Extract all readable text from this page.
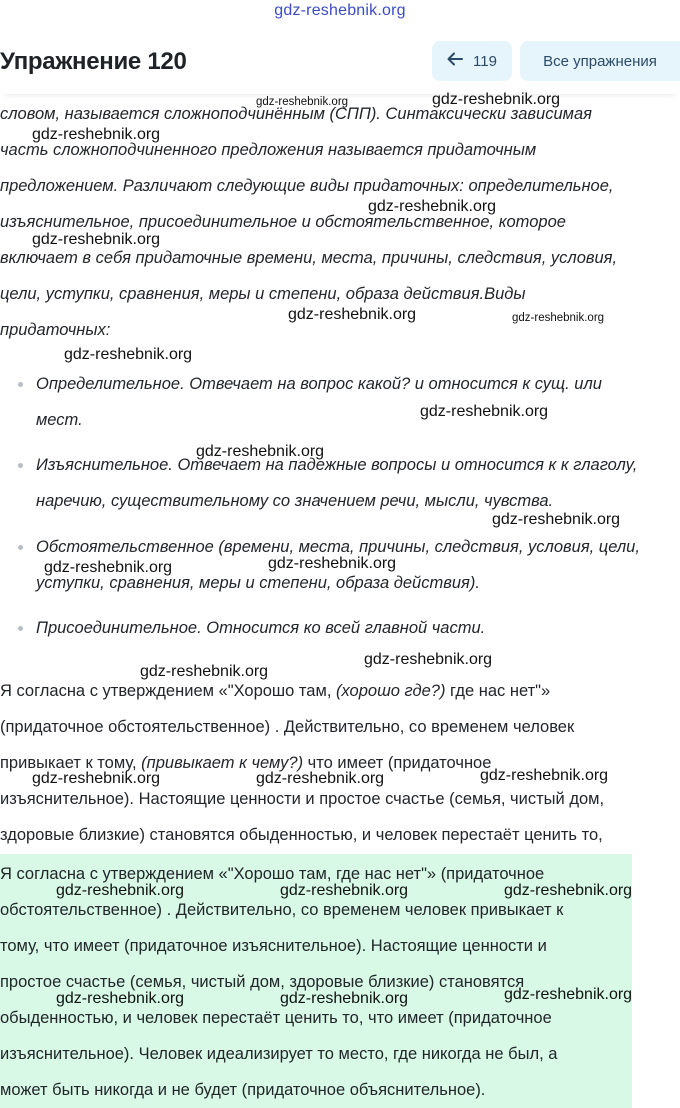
словом, называется сложноподчинённым (СПП). Синтаксически зависимая
часть сложноподчиненного предложения называется придаточным
предложением. Различают следующие виды придаточных: определительное,
изъяснительное, присоединительное и обстоятельственное, которое
включает в себя придаточные времени, места, причины, следствия, условия,
цели, уступки, сравнения, меры и степени, образа действия.Виды
придаточных:
Определительное. Отвечает на вопрос какой? и относится к сущ. или
мест.
Изъяснительное. Отвечает на падежные вопросы и относится к к глаголу,
наречию, существительному со значением речи, мысли, чувства.
Обстоятельственное (времени, места, причины, следствия, условия, цели,
уступки, сравнения, меры и степени, образа действия).
Присоединительное. Относится ко всей главной части.
Я согласна с утверждением «"Хорошо там, (хорошо где?) где нас нет"»
(придаточное обстоятельственное) . Действительно, со временем человек
привыкает к тому, (привыкает к чему?) что имеет (придаточное
изъяснительное). Настоящие ценности и простое счастье (семья, чистый дом,
здоровые близкие) становятся обыденностью, и человек перестаёт ценить то,
Я согласна с утверждением «"Хорошо там, где нас нет"» (придаточное
обстоятельственное) . Действительно, со временем человек привыкает к
тому, что имеет (придаточное изъяснительное). Настоящие ценности и
простое счастье (семья, чистый дом, здоровые близкие) становятся
обыденностью, и человек перестаёт ценить то, что имеет (придаточное
изъяснительное). Человек идеализирует то место, где никогда не был, а
может быть никогда и не будет (придаточное объяснительное).
Упражнение 120	119	Все упражнения
gdz-reshebnik.org
gdz-reshebnik.org	gdz-reshebnik.org
gdz-reshebnik.org
gdz-reshebnik.org
gdz-reshebnik.org
gdz-reshebnik.org	gdz-reshebnik.org
gdz-reshebnik.org
gdz-reshebnik.org
gdz-reshebnik.org
gdz-reshebnik.org
gdz-reshebnik.org
gdz-reshebnik.org
gdz-reshebnik.org
gdz-reshebnik.org
gdz-reshebnik.org
gdz-reshebnik.org	gdz-reshebnik.org
gdz-reshebnik.org	gdz-reshebnik.org	gdz-reshebnik.org
gdz-reshebnik.org	gdz-reshebnik.org	gdz-reshebnik.org
